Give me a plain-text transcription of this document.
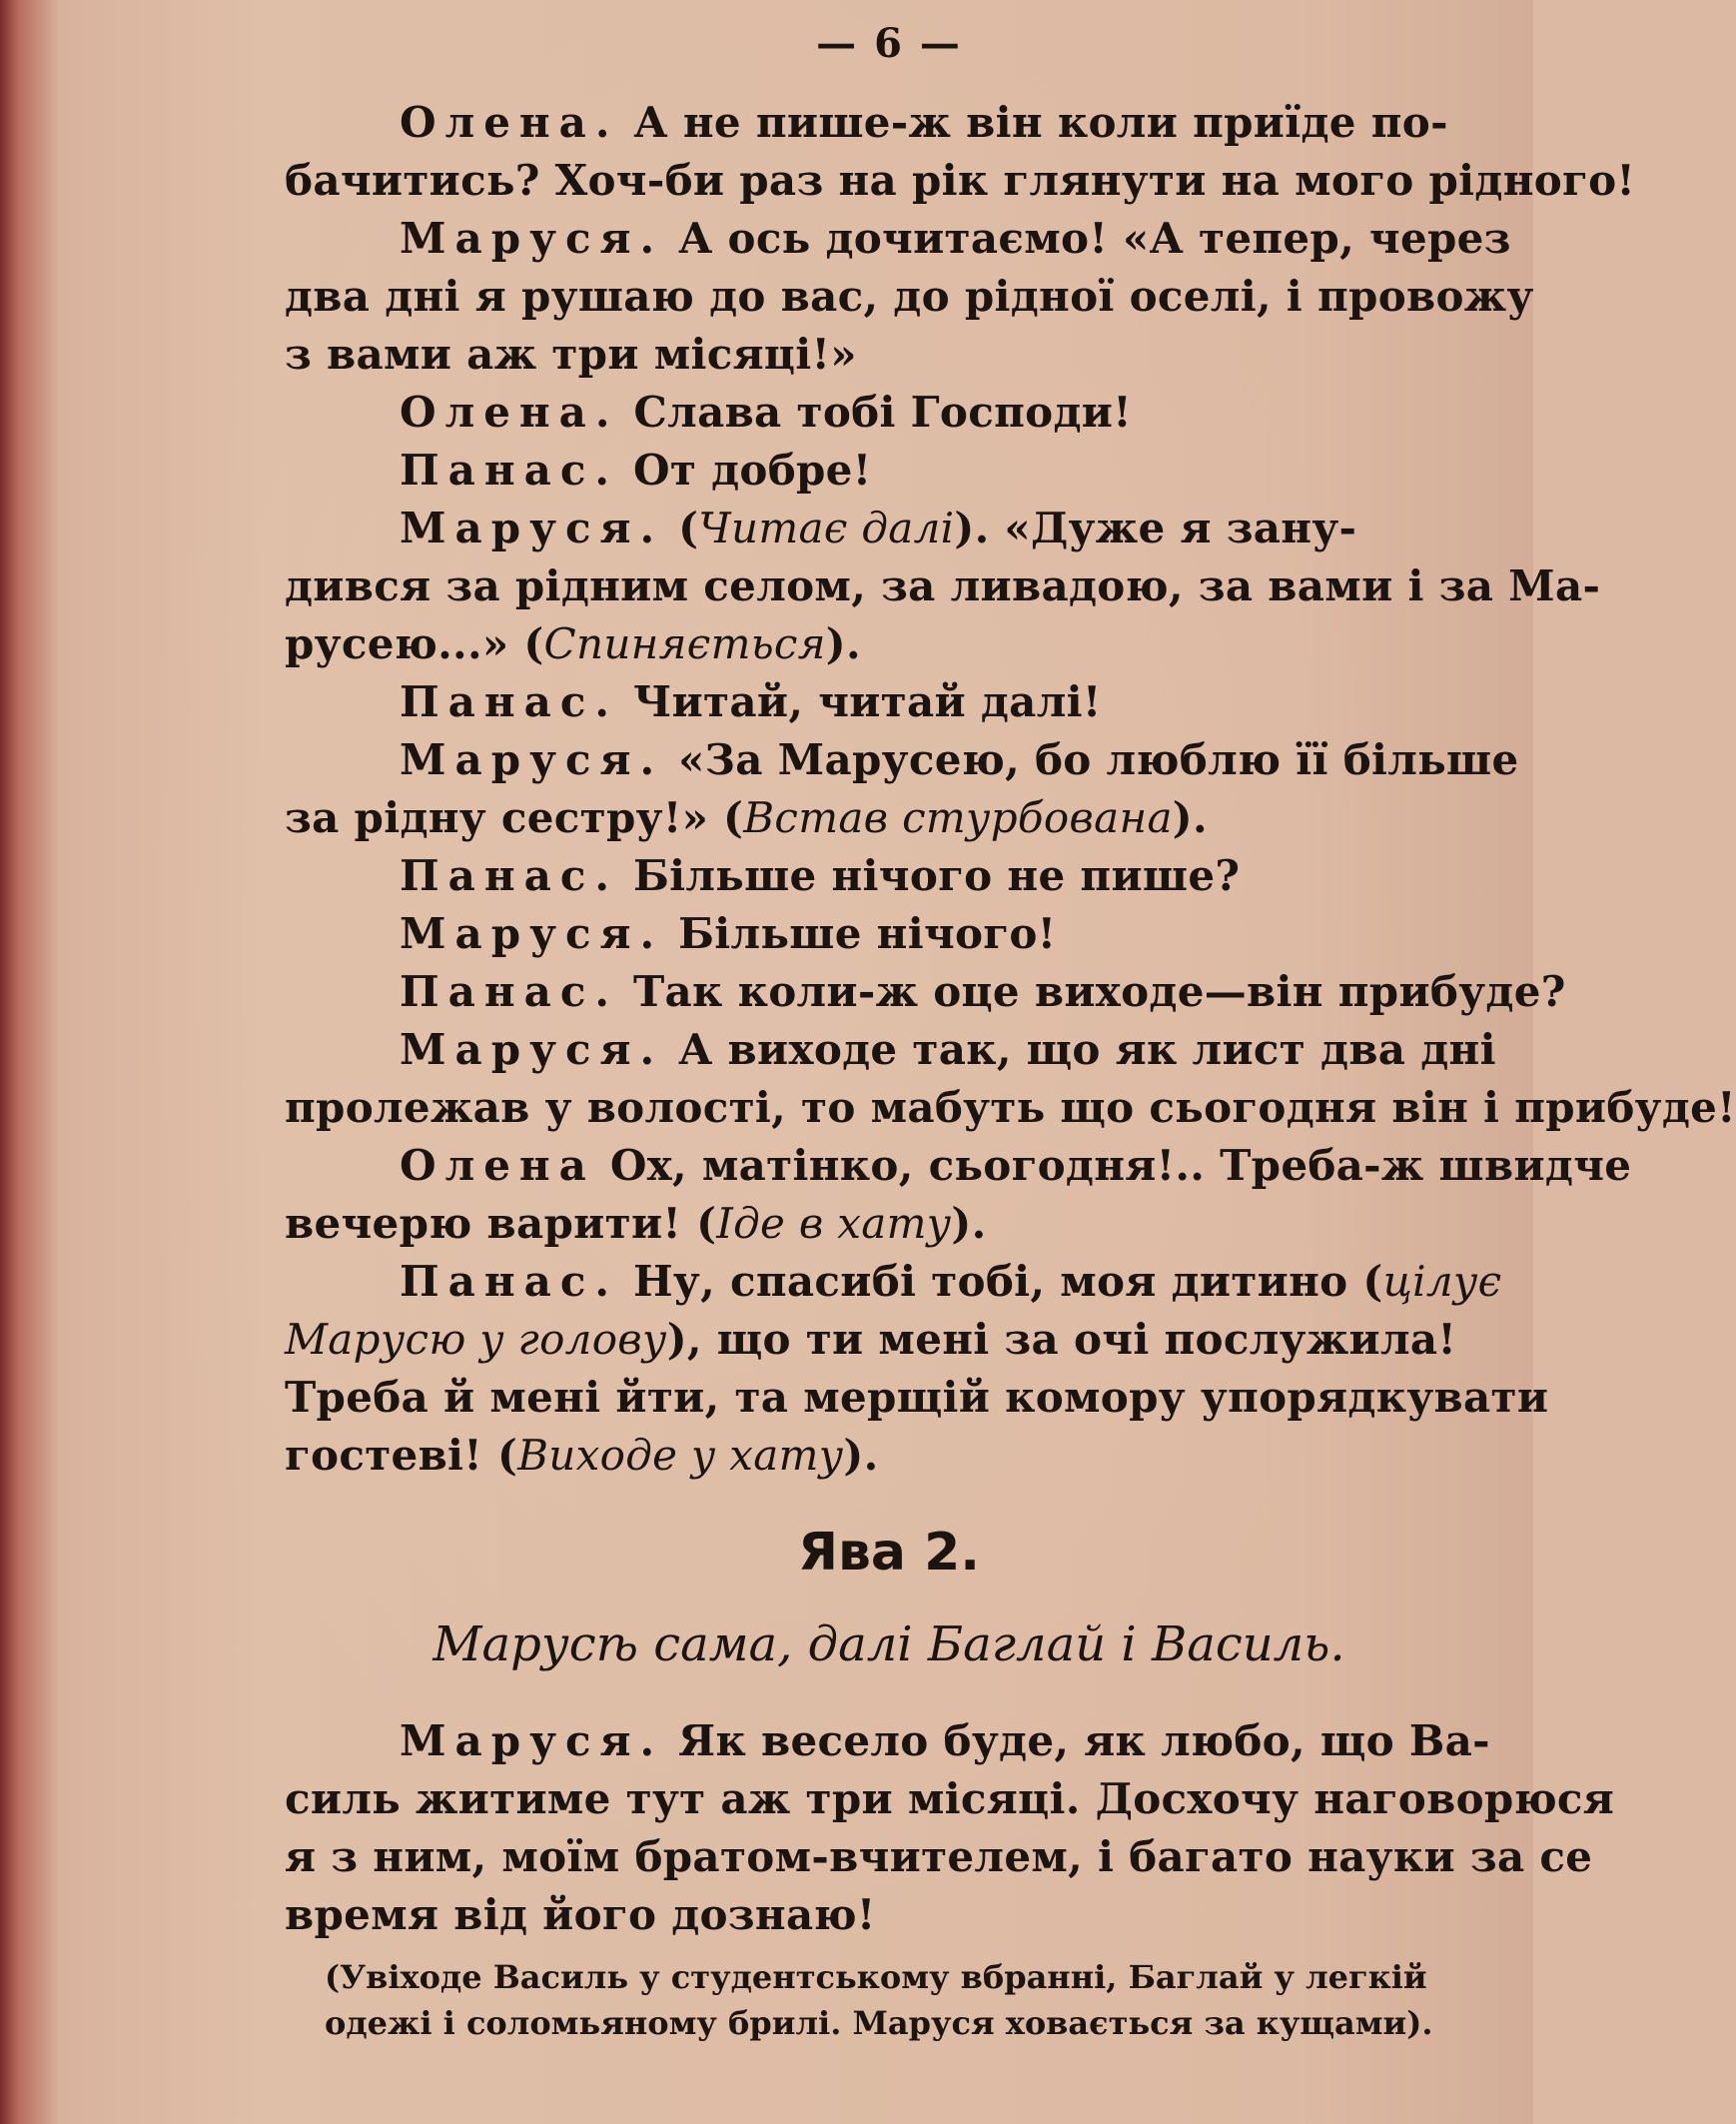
— 6 —
Олена. А не пише-ж він коли приїде по-
бачитись? Хоч-би раз на рік глянути на мого рідного!
Маруся. А ось дочитаємо! «А тепер, через
два дні я рушаю до вас, до рідної оселі, і провожу
з вами аж три місяці!»
Олена. Слава тобі Господи!
Панас. От добре!
Маруся. (Читає далі). «Дуже я зану-
дився за рідним селом, за ливадою, за вами і за Ма-
русею...» (Спиняється).
Панас. Читай, читай далі!
Маруся. «За Марусею, бо люблю її більше
за рідну сестру!» (Встав стурбована).
Панас. Більше нічого не пише?
Маруся. Більше нічого!
Панас. Так коли-ж оце виходе—він прибуде?
Маруся. А виходе так, що як лист два дні
пролежав у волості, то мабуть що сьогодня він і прибуде!
Олена Ох, матінко, сьогодня!.. Треба-ж швидче
вечерю варити! (Іде в хату).
Панас. Ну, спасибі тобі, моя дитино (цілує
Марусю у голову), що ти мені за очі послужила!
Треба й мені йти, та мерщій комору упорядкувати
гостеві! (Виходе у хату).
Ява 2.
Марусѣ сама, далі Баглай і Василь.
Маруся. Як весело буде, як любо, що Ва-
силь житиме тут аж три місяці. Досхочу наговорюся
я з ним, моїм братом-вчителем, і багато науки за се
время від його дознаю!
(Увіходе Василь у студентському вбранні, Баглай у легкій
одежі і соломьяному брилі. Маруся ховається за кущами).
